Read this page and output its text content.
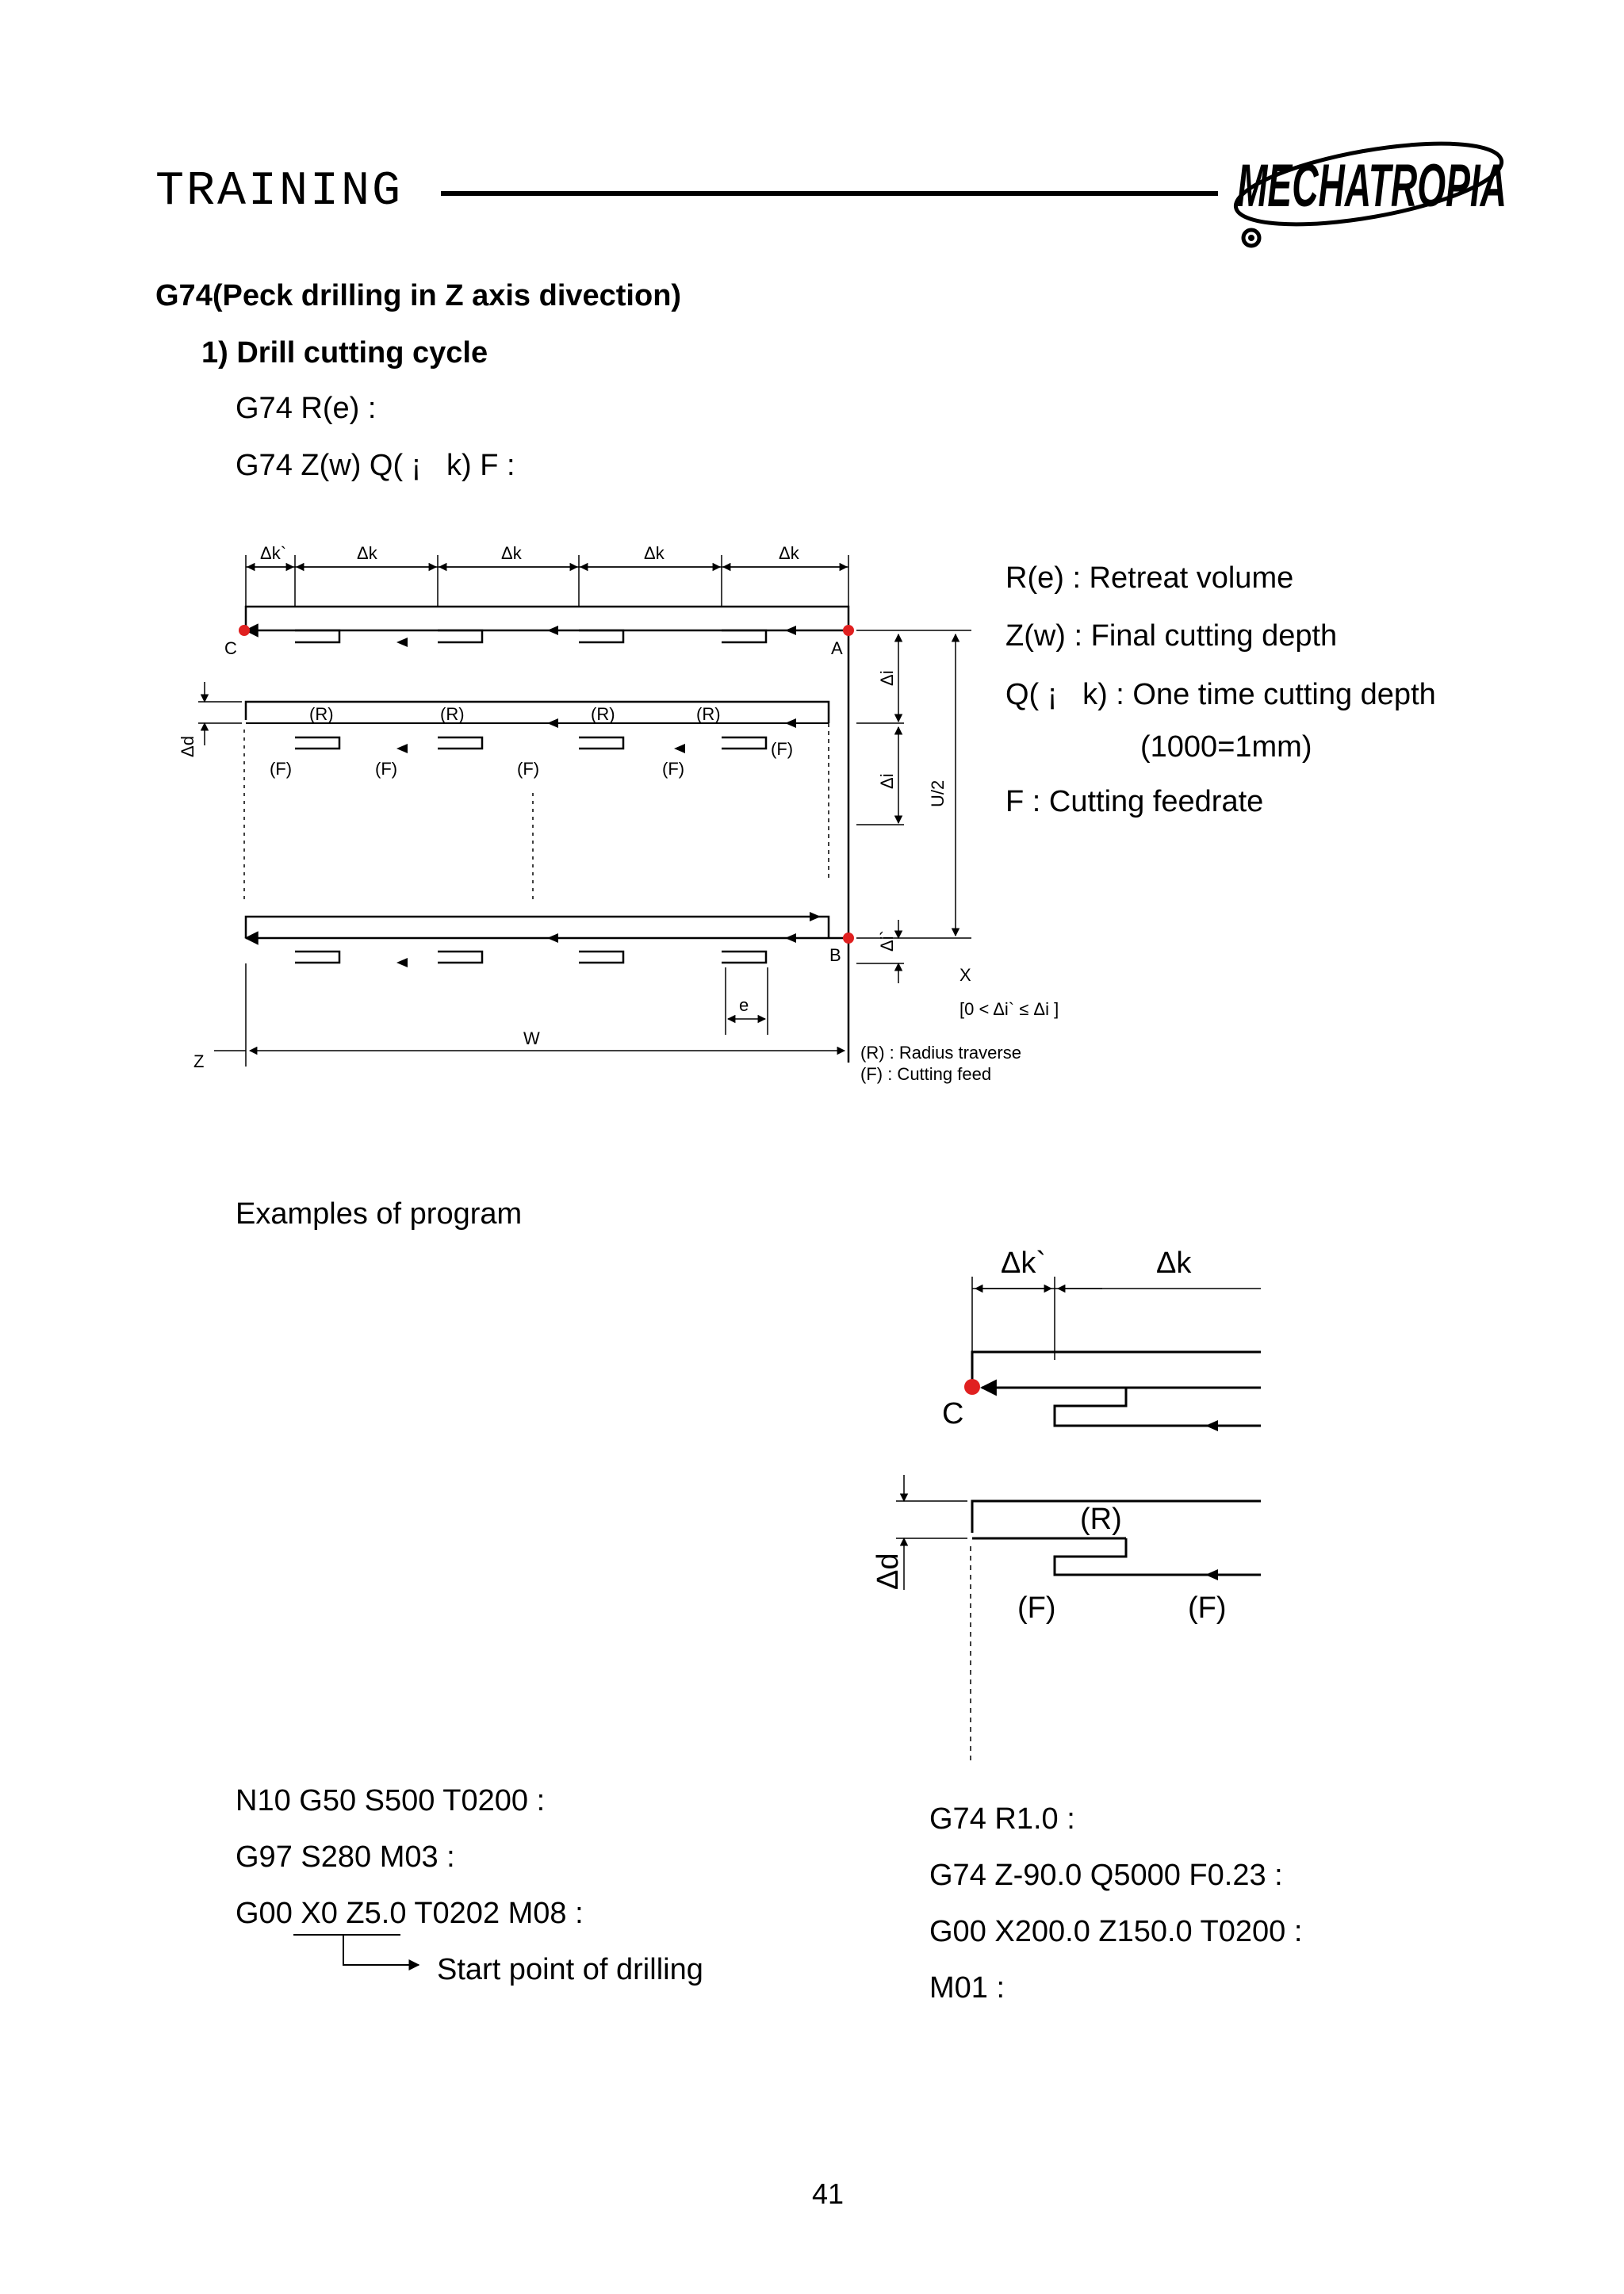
TRAINING	MECHATROPIA
G74(Peck drilling in Z axis divection)
1) Drill cutting cycle
G74 R(e) :
G74 Z(w) Q( ¡   k) F :
R(e) : Retreat volume
Z(w) : Final cutting depth
Q( ¡   k) : One time cutting depth
(1000=1mm)
F : Cutting feedrate
Δk`	Δk	Δk	Δk	Δk
C	A
B
(R)	(R)	(R)	(R)
(F)	(F)	(F)	(F)
(F)
Δd
Δi
Δi
Δi`
U/2
e
W
Z
X
[0 < Δi` ≤ Δi ]
(R) : Radius traverse
(F) : Cutting feed
Examples of program
Δk`	Δk
C
(R)
(F)	(F)
Δd
N10 G50 S500 T0200 :
G97 S280 M03 :
G00 X0 Z5.0 T0202 M08 :
Start point of drilling
G74 R1.0 :
G74 Z-90.0 Q5000 F0.23 :
G00 X200.0 Z150.0 T0200 :
M01 :
41
